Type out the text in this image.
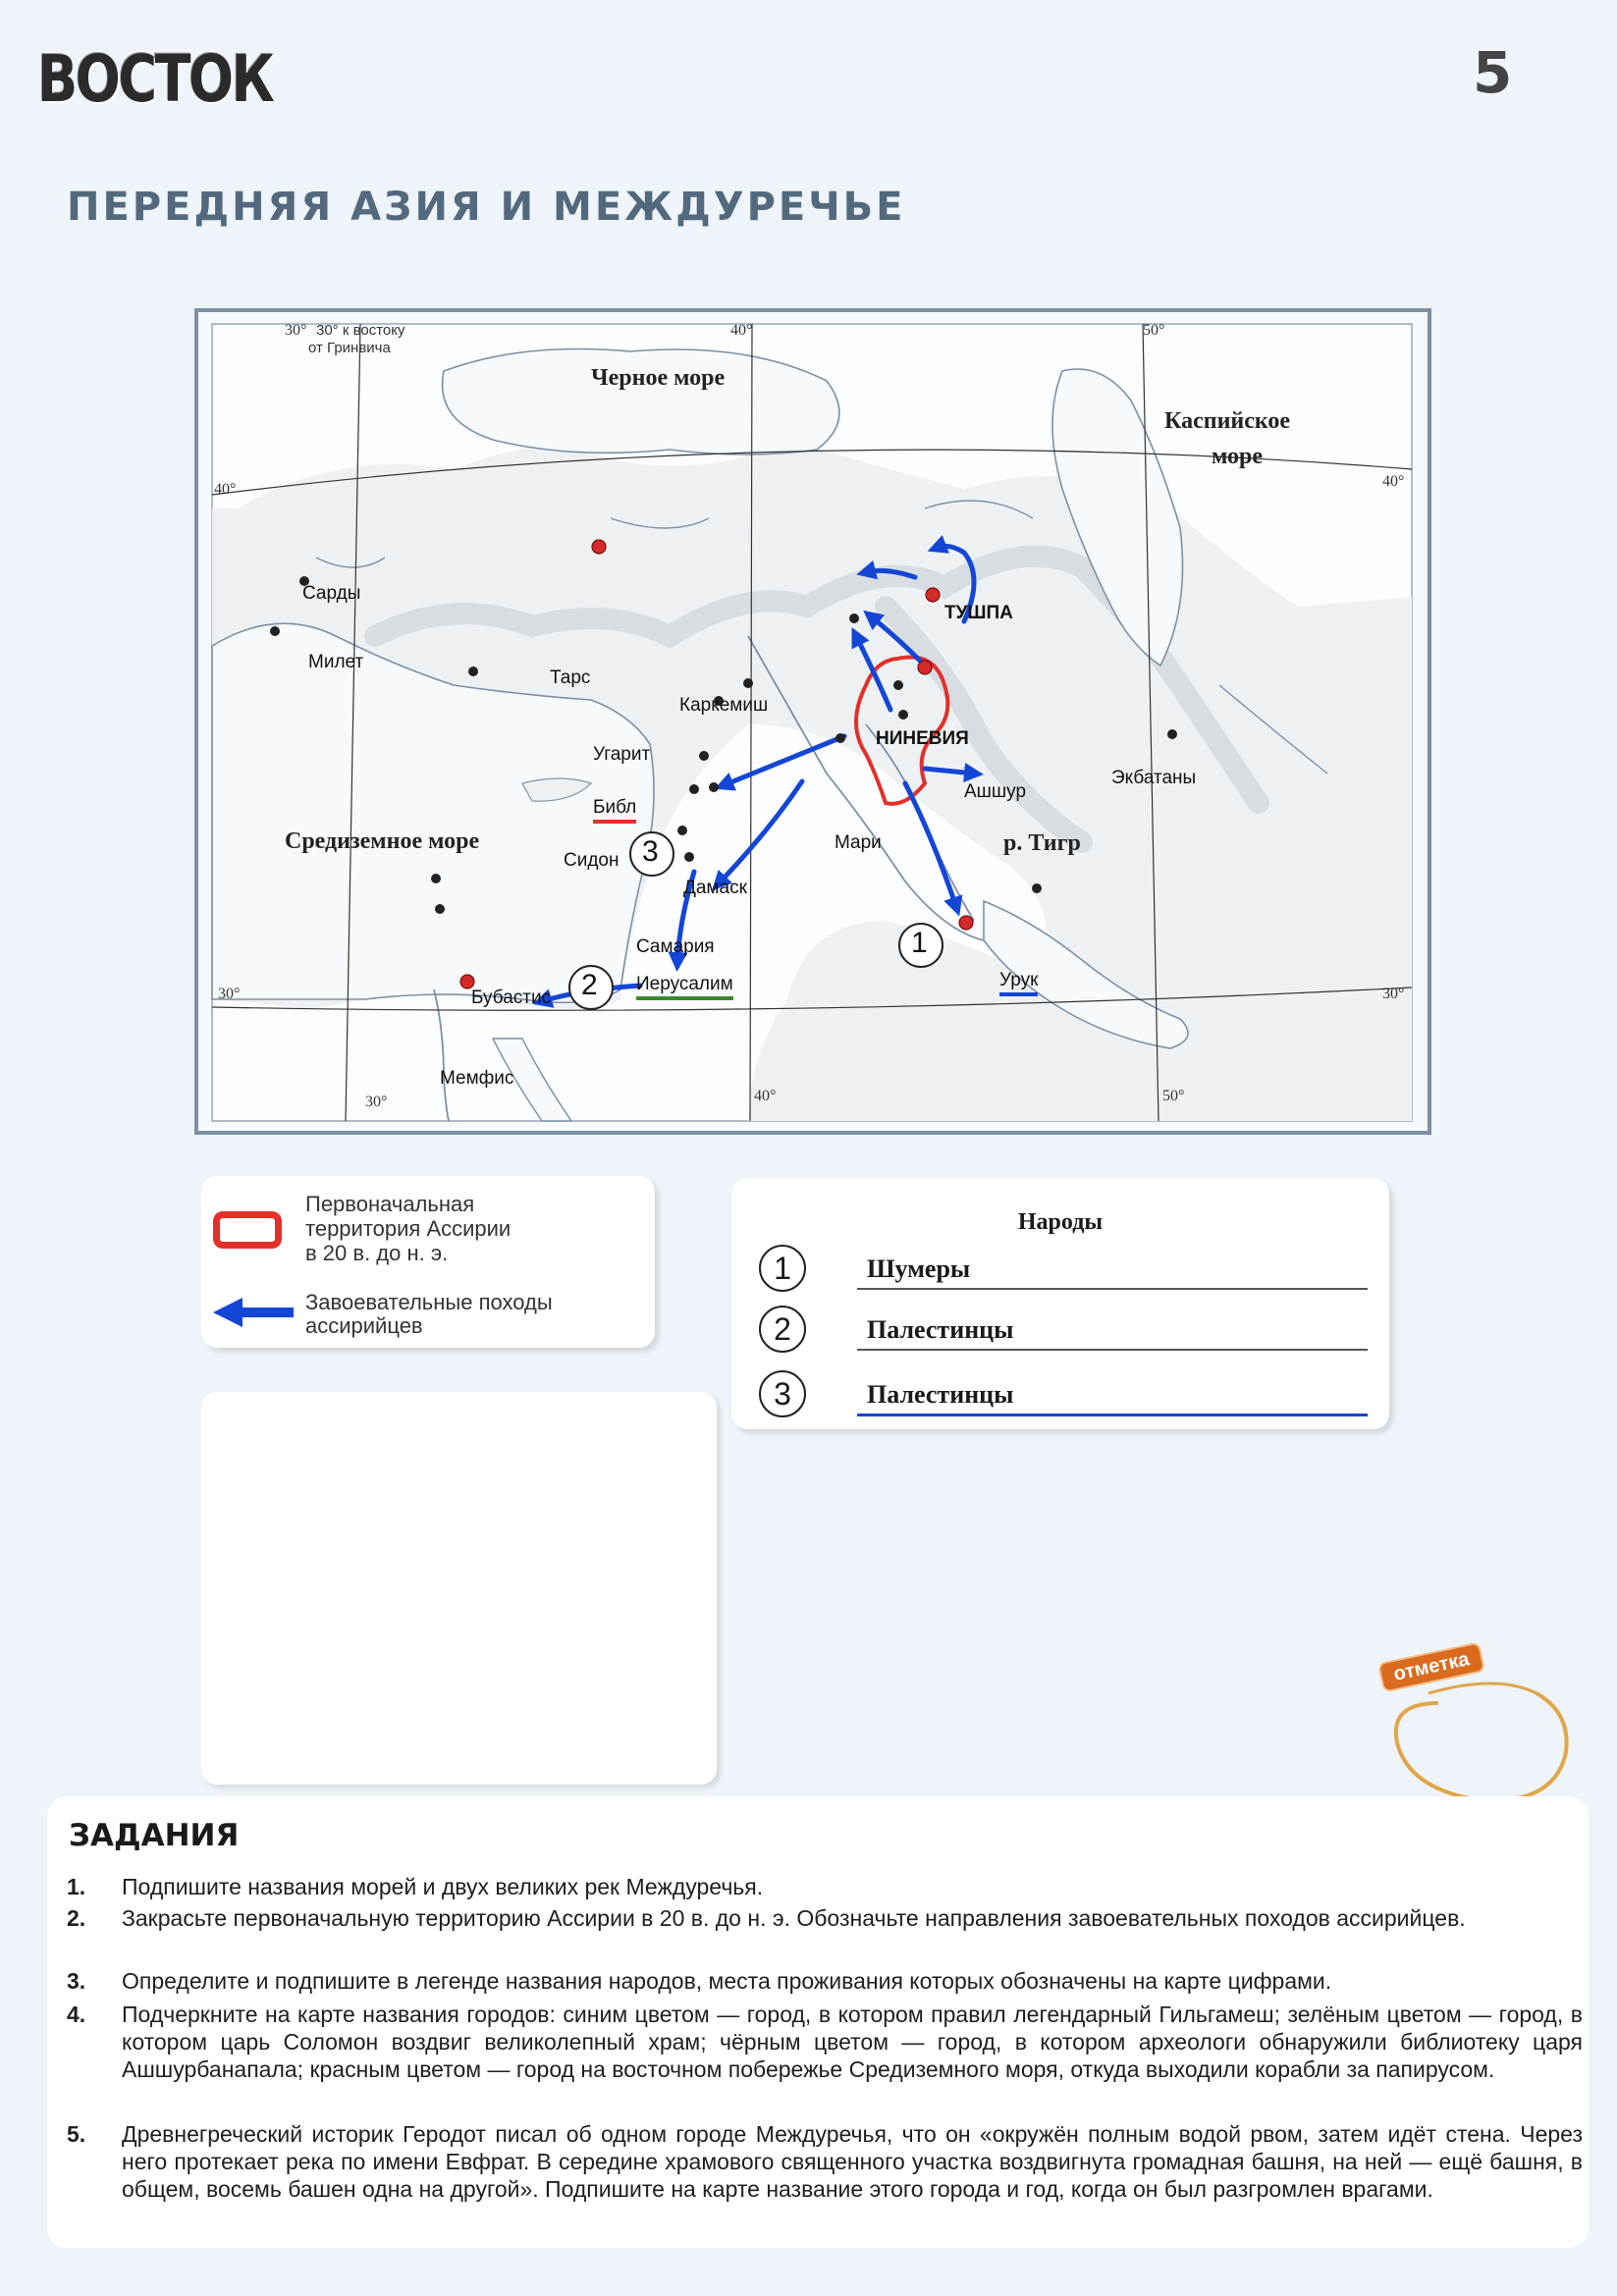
ВОСТОК	5
ПЕРЕДНЯЯ АЗИЯ И МЕЖДУРЕЧЬЕ
30° 30° к востоку
от Гринвича
40°	50°
40°	40°
30°	30°
30°	40°	50°
Черное море
Каспийское
море
Средиземное море	р. Тигр
Сарды
Милет
Тарс
Каркемиш
Угарит
Библ
Сидон
Дамаск
Самария
Иерусалим
Бубастис
Мемфис
Мари
ТУШПА
НИНЕВИЯ
Ашшур
Экбатаны
Урук
1
2
3
Первоначальная
территория Ассирии
в 20 в. до н. э.
Завоевательные походы
ассирийцев
Народы
1	Шумеры
2	Палестинцы
3	Палестинцы
отметка
ЗАДАНИЯ
1. Подпишите названия морей и двух великих рек Междуречья.
2. Закрасьте первоначальную территорию Ассирии в 20 в. до н. э. Обозначьте направления завоевательных походов ассирийцев.
3. Определите и подпишите в легенде названия народов, места проживания которых обозначены на карте цифрами.
4. Подчеркните на карте названия городов: синим цветом — город, в котором правил легендарный Гильгамеш; зелёным цветом — город, в котором царь Соломон воздвиг великолепный храм; чёрным цветом — город, в котором археологи обнаружили библиотеку царя Ашшурбанапала; красным цветом — город на восточном побережье Средиземного моря, откуда выходили корабли за папирусом.
5. Древнегреческий историк Геродот писал об одном городе Междуречья, что он «окружён полным водой рвом, затем идёт стена. Через него протекает река по имени Евфрат. В середине храмового священного участка воздвигнута громадная башня, на ней — ещё башня, в общем, восемь башен одна на другой». Подпишите на карте название этого города и год, когда он был разгромлен врагами.
